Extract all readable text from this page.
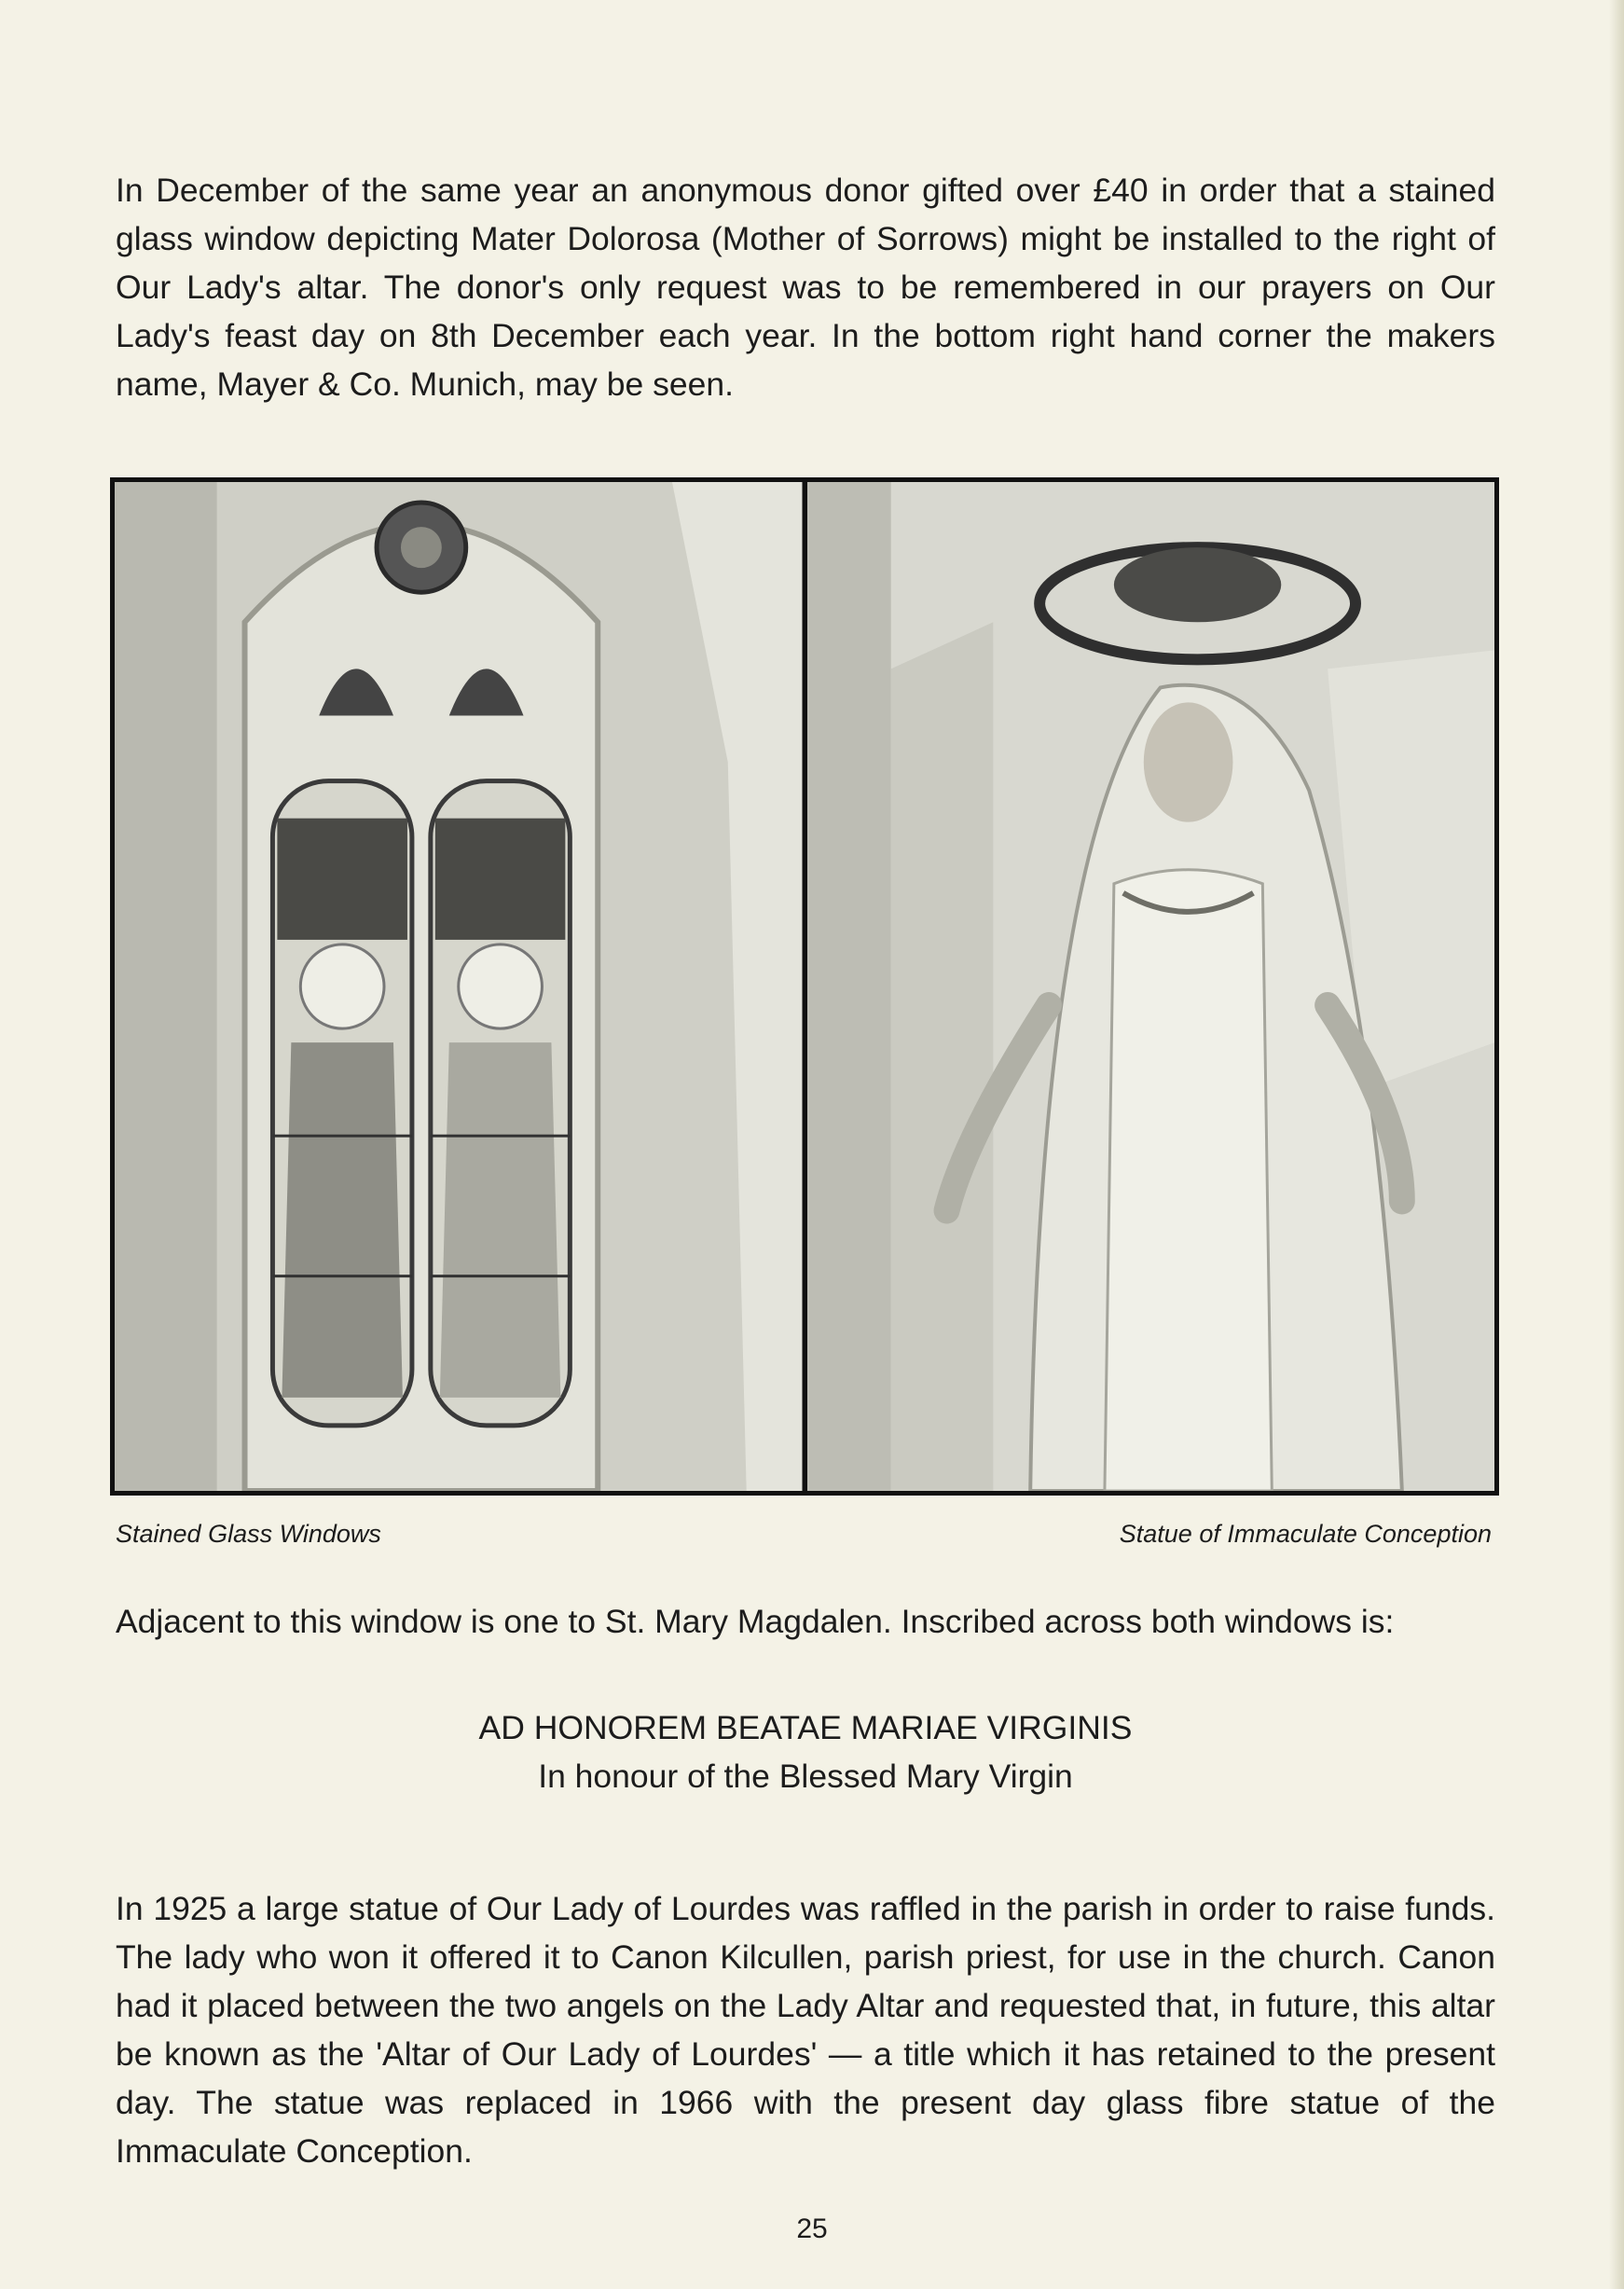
In December of the same year an anonymous donor gifted over £40 in order that a stained glass window depicting Mater Dolorosa (Mother of Sorrows) might be installed to the right of Our Lady's altar. The donor's only request was to be remembered in our prayers on Our Lady's feast day on 8th December each year. In the bottom right hand corner the makers name, Mayer & Co. Munich, may be seen.

Stained Glass Windows	Statue of Immaculate Conception

Adjacent to this window is one to St. Mary Magdalen. Inscribed across both windows is:

AD HONOREM BEATAE MARIAE VIRGINIS

In honour of the Blessed Mary Virgin

In 1925 a large statue of Our Lady of Lourdes was raffled in the parish in order to raise funds. The lady who won it offered it to Canon Kilcullen, parish priest, for use in the church. Canon had it placed between the two angels on the Lady Altar and requested that, in future, this altar be known as the 'Altar of Our Lady of Lourdes' — a title which it has retained to the present day. The statue was replaced in 1966 with the present day glass fibre statue of the Immaculate Conception.

25
